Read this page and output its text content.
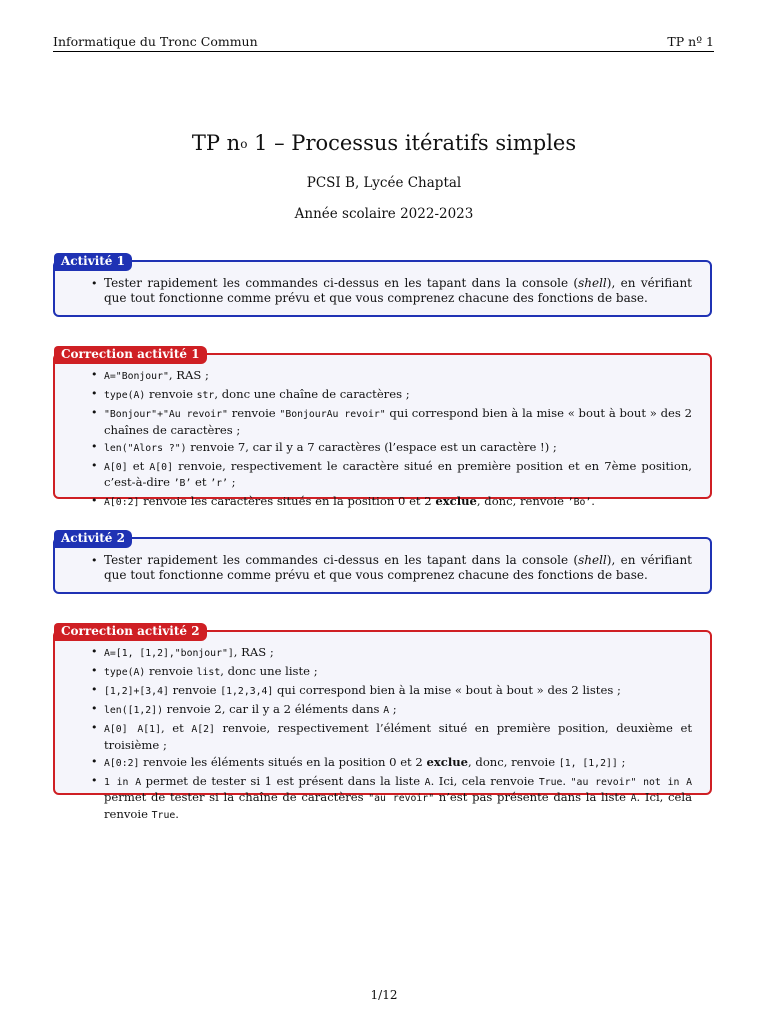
Informatique du Tronc Commun	TP nº 1
TP $n^o$ 1 – Processus itératifs simples
PCSI B, Lycée Chaptal
Année scolaire 2022-2023
Activité 1
• Tester rapidement les commandes ci-dessus en les tapant dans la console (shell), en vérifiant que tout fonctionne comme prévu et que vous comprenez chacune des fonctions de base.
Correction activité 1
• A="Bonjour", RAS ;
• type(A) renvoie str, donc une chaîne de caractères ;
• "Bonjour"+"Au revoir" renvoie "BonjourAu revoir" qui correspond bien à la mise « bout à bout » des 2 chaînes de caractères ;
• len("Alors ?") renvoie 7, car il y a 7 caractères (l’espace est un caractère !) ;
• A[0] et A[0] renvoie, respectivement le caractère situé en première position et en 7ème position, c’est-à-dire ’B’ et ’r’ ;
• A[0:2] renvoie les caractères situés en la position 0 et 2 exclue, donc, renvoie ’Bo’.
Activité 2
• Tester rapidement les commandes ci-dessus en les tapant dans la console (shell), en vérifiant que tout fonctionne comme prévu et que vous comprenez chacune des fonctions de base.
Correction activité 2
• A=[1, [1,2],"bonjour"], RAS ;
• type(A) renvoie list, donc une liste ;
• [1,2]+[3,4] renvoie [1,2,3,4] qui correspond bien à la mise « bout à bout » des 2 listes ;
• len([1,2]) renvoie 2, car il y a 2 éléments dans A ;
• A[0] A[1], et A[2] renvoie, respectivement l’élément situé en première position, deuxième et troisième ;
• A[0:2] renvoie les éléments situés en la position 0 et 2 exclue, donc, renvoie [1, [1,2]] ;
• 1 in A permet de tester si 1 est présent dans la liste A. Ici, cela renvoie True. "au revoir" not in A permet de tester si la chaîne de caractères "au revoir" n’est pas présente dans la liste A. Ici, cela renvoie True.
1/12
